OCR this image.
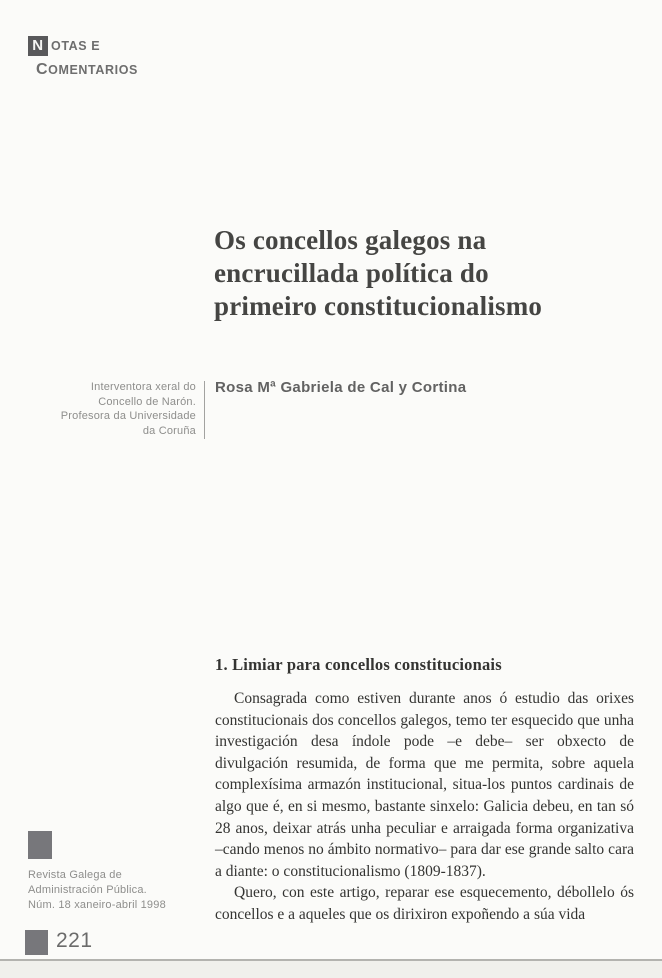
N OTAS E
C OMENTARIOS
Os concellos galegos na
encrucillada política do
primeiro constitucionalismo
Interventora xeral do
Concello de Narón.
Profesora da Universidade
da Coruña
Rosa Mª Gabriela de Cal y Cortina
1. Limiar para concellos constitucionais

Consagrada como estiven durante anos ó estudio das orixes constitucionais dos concellos galegos, temo ter esquecido que unha investigación desa índole pode –e debe– ser obxecto de divulgación resumida, de forma que me permita, sobre aquela complexísima armazón institucional, situa-los puntos cardinais de algo que é, en si mesmo, bastante sinxelo: Galicia debeu, en tan só 28 anos, deixar atrás unha peculiar e arraigada forma organizativa –cando menos no ámbito normativo– para dar ese grande salto cara a diante: o constitucionalismo (1809-1837).

Quero, con este artigo, reparar ese esquecemento, débollelo ós concellos e a aqueles que os dirixiron expoñendo a súa vida

Revista Galega de
Administración Pública.
Núm. 18 xaneiro-abril 1998
221
